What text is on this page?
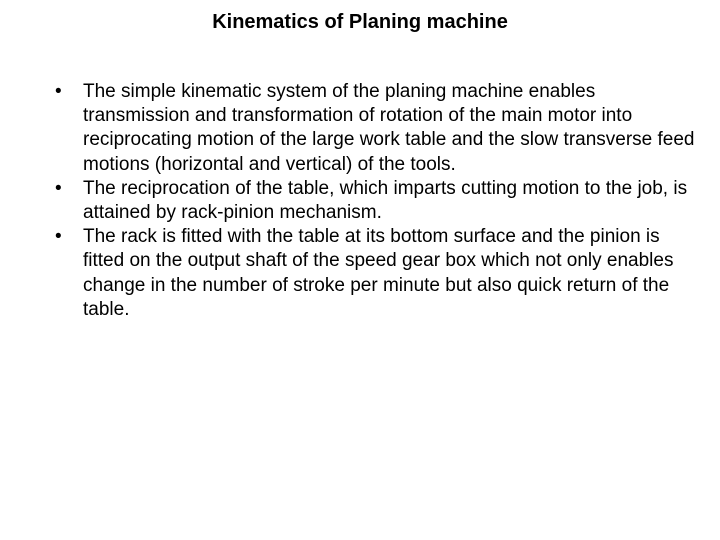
Kinematics of Planing machine
•	The simple kinematic system of the planing machine enables transmission and transformation of rotation of the main motor into reciprocating motion of the large work table and the slow transverse feed motions (horizontal and vertical) of the tools.
•	The reciprocation of the table, which imparts cutting motion to the job, is attained by rack-pinion mechanism.
•	The rack is fitted with the table at its bottom surface and the pinion is fitted on the output shaft of the speed gear box which not only enables change in the number of stroke per minute but also quick return of the table.
